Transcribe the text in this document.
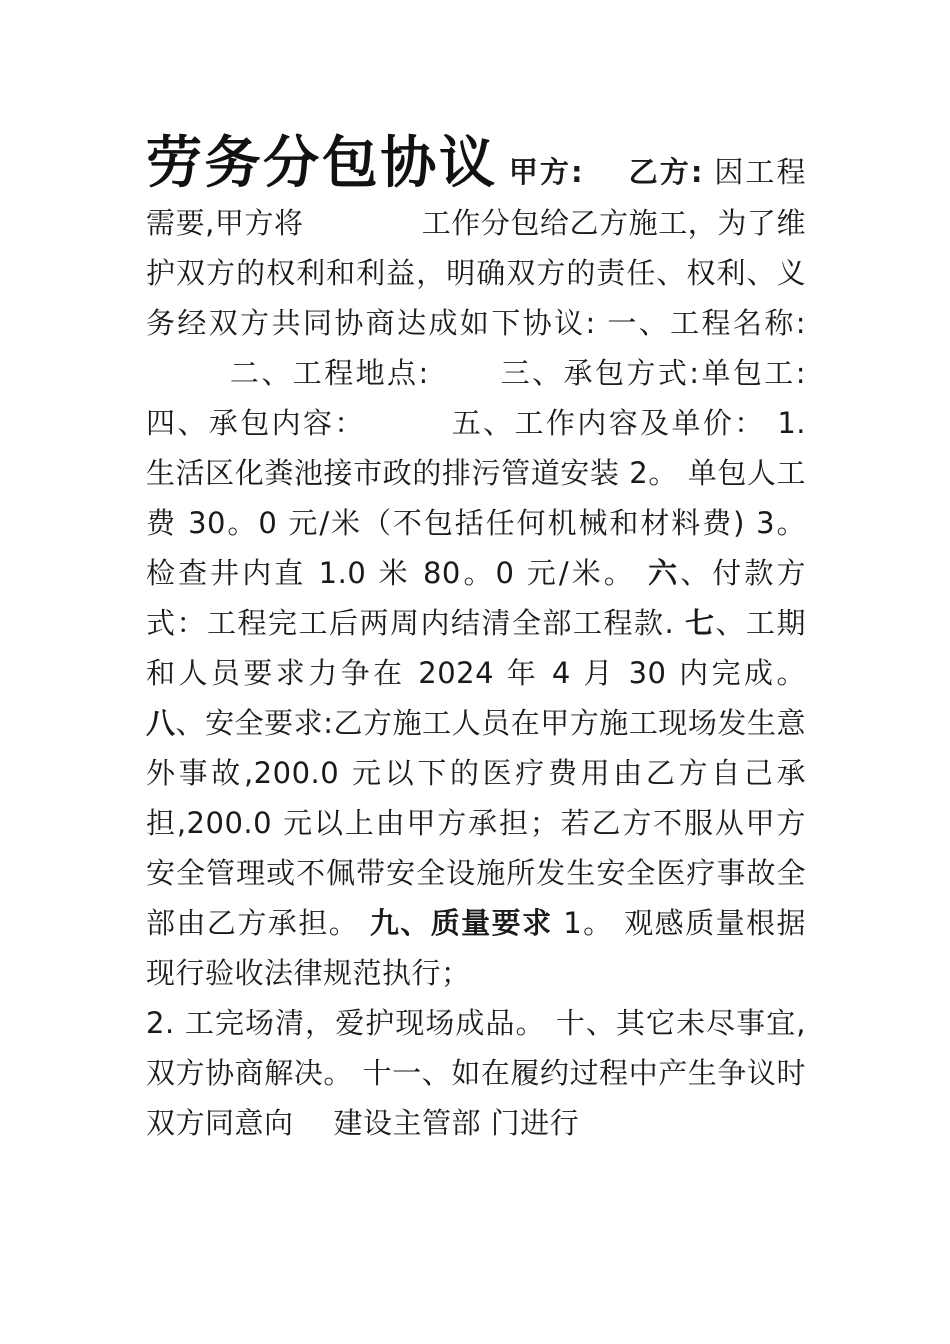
劳务分包协议 甲方: 乙方: 因工程需要,甲方将	工作分包给乙方施工，为了维 护双方的权利和利益，明确双方的责任、权利、义务经双方共同协商达成如下协议: 一、工程名称:二、工程地点: 三、承包方式:单包工: 四、承包内容：	五、工作内容及单价： 1. 生活区化粪池接市政的排污管道安装 2。 单包人工费 30。0 元/米（不包括任何机械和材料费) 3。 检查井内直 1.0 米 80。0 元/米。 六、付款方式：工程完工后两周内结清全部工程款. 七、工期和人员要求力争在 2024 年 4 月 30 内完成。 八、安全要求:乙方施工人员在甲方施工现场发生意外事故,200.0 元以下的医疗费用由乙方自己承担,200.0 元以上由甲方承担；若乙方不服从甲方安全管理或不佩带安全设施所发生安全医疗事故全部由乙方承担。 九、质量要求 1。 观感质量根据现行验收法律规范执行；
2. 工完场清，爱护现场成品。 十、其它未尽事宜,双方协商解决。 十一、如在履约过程中产生争议时双方同意向 建设主管部 门进行
